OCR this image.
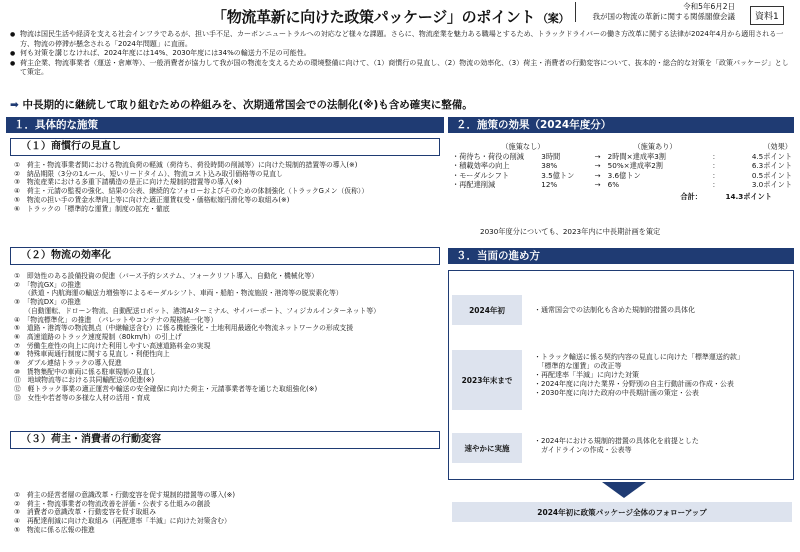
「物流革新に向けた政策パッケージ」のポイント （案）
令和5年6月2日
我が国の物流の革新に関する関係閣僚会議	資料1
● 物流は国民生活や経済を支える社会インフラであるが、担い手不足、カーボンニュートラルへの対応など様々な課題。さらに、物流産業を魅力ある職場とするため、トラックドライバーの働き方改革に関する法律が2024年4月から適用される一方、物流の停滞が懸念される「2024年問題」に直面。
● 何も対策を講じなければ、2024年度には14%、2030年度には34%の輸送力不足の可能性。
● 荷主企業、物流事業者（運送・倉庫等）、一般消費者が協力して我が国の物流を支えるための環境整備に向けて、（1）商慣行の見直し、（2）物流の効率化、（3）荷主・消費者の行動変容について、抜本的・総合的な対策を「政策パッケージ」として策定。
➡ 中長期的に継続して取り組むための枠組みを、次期通常国会での法制化(※)も含め確実に整備。
１．具体的な施策
（１）商慣行の見直し
①　荷主・物流事業者間における物流負荷の軽減（荷待ち、荷役時間の削減等）に向けた規制的措置等の導入(※)
②　納品期限（3分の1ルール、短いリードタイム）、物流コスト込み取引価格等の見直し
③　物流産業における多重下請構造の是正に向けた規制的措置等の導入(※)
④　荷主・元請の監視の強化、結果の公表、継続的なフォローおよびそのための体制強化（トラックGメン（仮称））
⑤　物流の担い手の賃金水準向上等に向けた適正運賃収受・価格転嫁円滑化等の取組み(※)
⑥　トラックの「標準的な運賃」制度の拡充・徹底
（２）物流の効率化
①　即効性のある設備投資の促進（バース予約システム、フォークリフト導入、自動化・機械化等）
②　「物流GX」の推進
　　（鉄道・内航海運の輸送力増強等によるモーダルシフト、車両・船舶・物流施設・港湾等の脱炭素化等）
③　「物流DX」の推進
　　（自動運転、ドローン物流、自動配送ロボット、港湾AIターミナル、サイバーポート、フィジカルインターネット等）
④　「物流標準化」の推進　（パレットやコンテナの規格統一化等）
⑤　道路・港湾等の物流拠点（中継輸送含む）に係る機能強化・土地利用最適化や物流ネットワークの形成支援
⑥　高速道路のトラック速度規制（80km/h）の引上げ
⑦　労働生産性の向上に向けた利用しやすい高速道路料金の実現
⑧　特殊車両通行制度に関する見直し・利便性向上
⑨　ダブル連結トラックの導入促進
⑩　貨物集配中の車両に係る駐車規制の見直し
⑪　地域物流等における共同輸配送の促進(※)
⑫　軽トラック事業の適正運営や輸送の安全確保に向けた荷主・元請事業者等を通じた取組強化(※)
⑬　女性や若者等の多様な人材の活用・育成
（３）荷主・消費者の行動変容
①　荷主の経営者層の意識改革・行動変容を促す規制的措置等の導入(※)
②　荷主・物流事業者の物流改善を評価・公表する仕組みの創設
③　消費者の意識改革・行動変容を促す取組み
④　再配達削減に向けた取組み（再配達率「半減」に向けた対策含む）
⑤　物流に係る広報の推進
２．施策の効果（2024年度分）
（施策なし）	（施策あり）	（効果）
・荷待ち・荷役の削減	3時間	→　2時間×達成率3割	：	4.5ポイント
・積載効率の向上	38%	→　50%×達成率2割	：	6.3ポイント
・モーダルシフト	3.5億トン	→　3.6億トン	：	0.5ポイント
・再配達削減	12%	→　6%	：	3.0ポイント
合計：	14.3ポイント
2030年度分についても、2023年内に中長期計画を策定
３．当面の進め方
2024年初	・通常国会での法制化も含めた規制的措置の具体化
2023年末まで
・トラック輸送に係る契約内容の見直しに向けた「標準運送約款」
　「標準的な運賃」の改正等
・再配達率「半減」に向けた対策
・2024年度に向けた業界・分野別の自主行動計画の作成・公表
・2030年度に向けた政府の中長期計画の策定・公表
速やかに実施
・2024年における規制的措置の具体化を前提とした
　ガイドラインの作成・公表等
2024年初に政策パッケージ全体のフォローアップ
